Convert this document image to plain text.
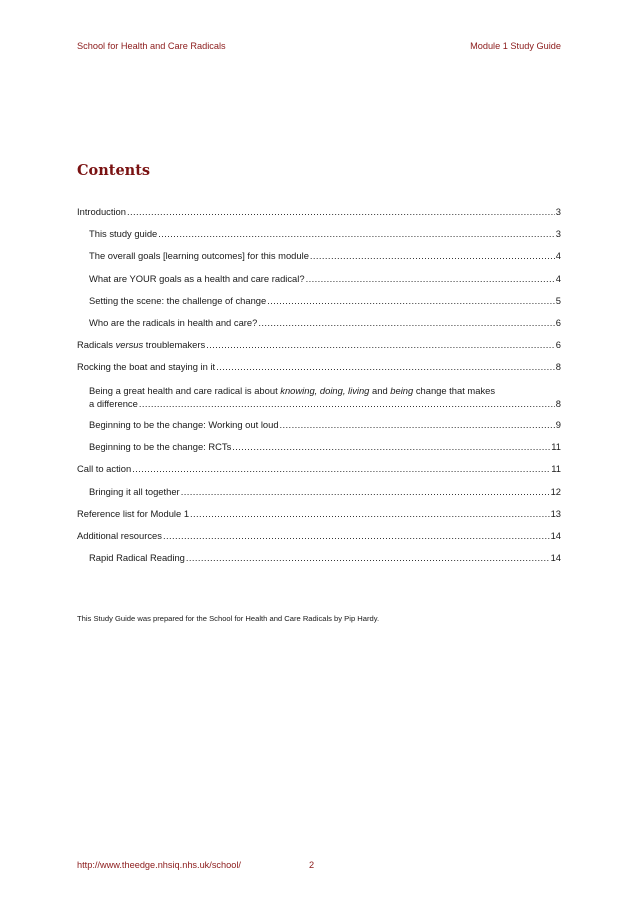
School for Health and Care Radicals	Module 1 Study Guide
Contents
Introduction .....	3
This study guide .....	3
The overall goals [learning outcomes] for this module .....	4
What are YOUR goals as a health and care radical? .....	4
Setting the scene: the challenge of change .....	5
Who are the radicals in health and care? .....	6
Radicals versus troublemakers .....	6
Rocking the boat and staying in it .....	8
Being a great health and care radical is about knowing, doing, living and being change that makes
a difference .....	8
Beginning to be the change: Working out loud .....	9
Beginning to be the change: RCTs .....	11
Call to action .....	11
Bringing it all together .....	12
Reference list for Module 1 .....	13
Additional resources .....	14
Rapid Radical Reading .....	14
This Study Guide was prepared for the School for Health and Care Radicals by Pip Hardy.
http://www.theedge.nhsiq.nhs.uk/school/	2
